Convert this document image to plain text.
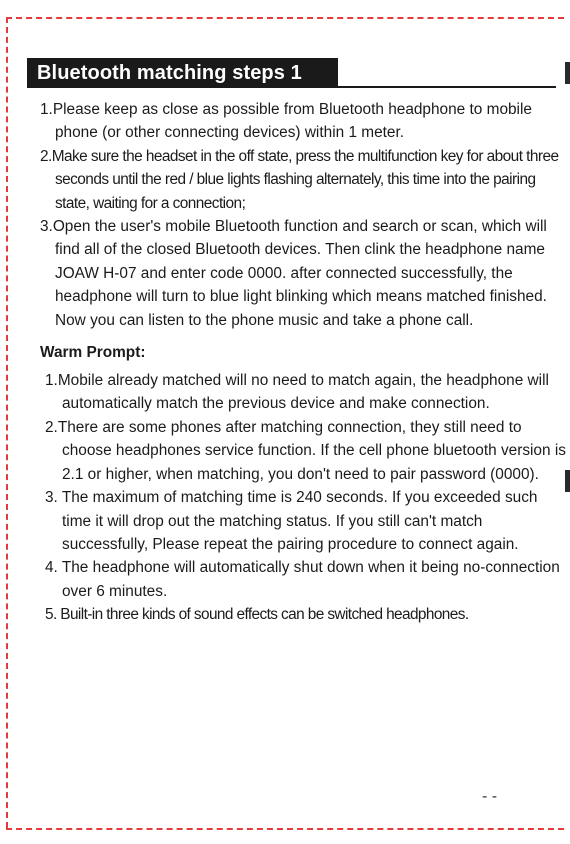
Bluetooth matching steps 1
1.Please keep as close as possible from Bluetooth headphone to mobile phone (or other connecting devices) within 1 meter.
2.Make sure the headset in the off state, press the multifunction key for about three seconds until the red / blue lights flashing alternately, this time into the pairing state, waiting for a connection;
3.Open the user's mobile Bluetooth function and search or scan, which will find all of the closed Bluetooth devices. Then clink the headphone name JOAW H-07 and enter code 0000. after connected successfully, the headphone will turn to blue light blinking which means matched finished. Now you can listen to the phone music and take a phone call.
Warm Prompt:
1.Mobile already matched will no need to match again, the headphone will automatically match the previous device and make connection.
2.There are some phones after matching connection, they still need to choose headphones service function. If the cell phone bluetooth version is 2.1 or higher, when matching, you don't need to pair password (0000).
3. The maximum of matching time is 240 seconds. If you exceeded such time it will drop out the matching status. If you still can't match successfully, Please repeat the pairing procedure to connect again.
4. The headphone will automatically shut down when it being no-connection over 6 minutes.
5. Built-in three kinds of sound effects can be switched headphones.
- -
